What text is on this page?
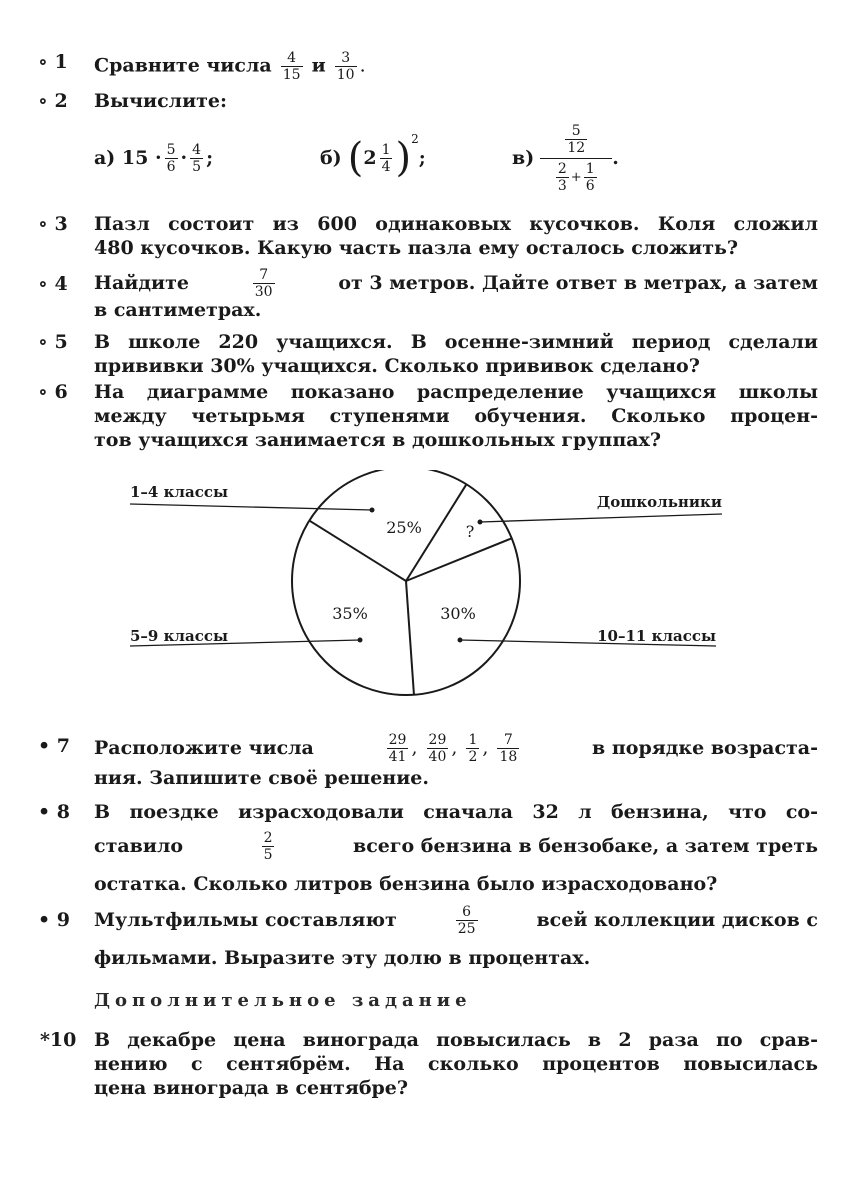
∘ 1	Сравните числа $\frac{4}{15}$ и $\frac{3}{10}$ .
∘ 2	Вычислите:
а) $15 \cdot \frac{5}{6} \cdot \frac{4}{5}$ ;	б)
( $2 \frac{1}{4} )^2$
;	в)

$\frac{5}{12}$
$\frac{2}{3} + \frac{1}{6}$
.
∘ 3	Пазл состоит из 600 одинаковых кусочков. Коля сложил
480 кусочков. Какую часть пазла ему осталось сложить?
∘ 4	Найдите	$\frac{7}{30}$	от 3 метров. Дайте ответ в метрах, а затем
в сантиметрах.
∘ 5	В школе 220 учащихся. В осенне-зимний период сделали
прививки 30% учащихся. Сколько прививок сделано?
∘ 6	На диаграмме показано распределение учащихся школы
между четырьмя ступенями обучения. Сколько процен-
тов учащихся занимается в дошкольных группах?
25%
1–4 классы
?
Дошкольники
30%
10–11 классы
35%
5–9 классы
• 7	Расположите числа	$\frac{29}{41}$ , $\frac{29}{40}$ , $\frac{1}{2}$ , $\frac{7}{18}$	в порядке возраста-
ния. Запишите своё решение.
• 8	В поездке израсходовали сначала 32 л бензина, что со-
ставило	$\frac{2}{5}$	всего бензина в бензобаке, а затем треть
остатка. Сколько литров бензина было израсходовано?
• 9	Мультфильмы составляют	$\frac{6}{25}$	всей коллекции дисков с
фильмами. Выразите эту долю в процентах.
Дополнительное задание
*10 В декабре цена винограда повысилась в 2 раза по срав-
нению с сентябрём. На сколько процентов повысилась
цена винограда в сентябре?
